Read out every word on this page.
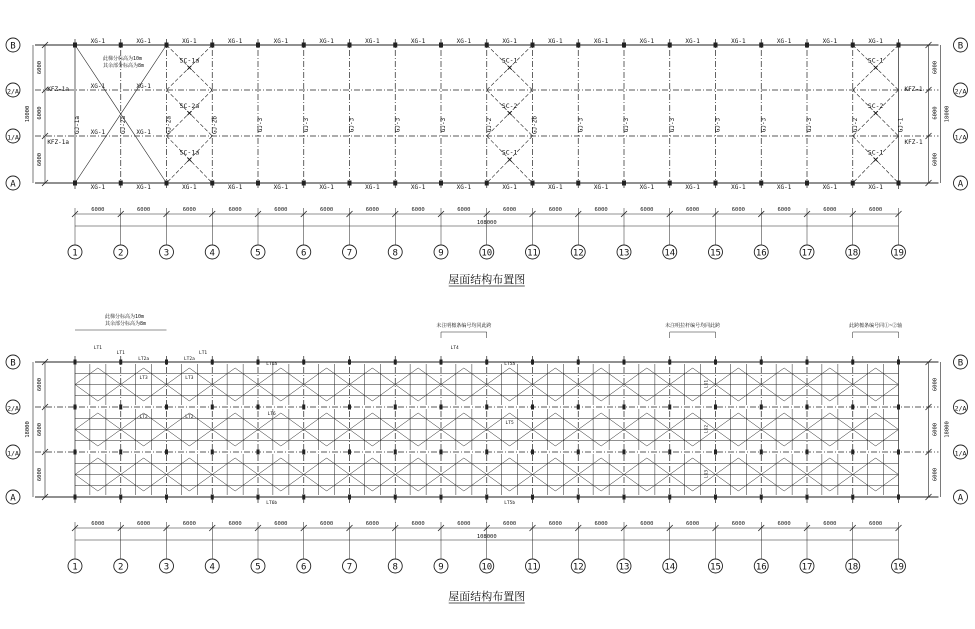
1	2	3	4	5	6	7	8	9	10	11	12	13	14	15	16	17	18	19
B	B
2/A	2/A
1/A	1/A
A	A
6000
6000
6000
18000
6000
6000
6000
18000
6000	6000	6000	6000	6000	6000	6000	6000	6000	6000	6000	6000	6000	6000	6000	6000	6000	6000
108000
屋面结构布置图
XG-1
XG-1
XG-1
XG-1
XG-1
XG-1
XG-1
XG-1
XG-1
XG-1
XG-1
XG-1
XG-1
XG-1
XG-1
XG-1
XG-1
XG-1
XG-1
XG-1
XG-1
XG-1
XG-1
XG-1
XG-1
XG-1
XG-1
XG-1
XG-1
XG-1
XG-1
XG-1
XG-1
XG-1
XG-1
XG-1
XG-1
XG-1
XG-1
XG-1
GJ-1a	GJ-2a	GJ-2a	GJ-2b	GJ-3	GJ-3	GJ-3	GJ-3	GJ-3	GJ-2	GJ-2b	GJ-3	GJ-3	GJ-3	GJ-3	GJ-3	GJ-3	GJ-2	GJ-1
KFZ-1a
KFZ-1a
KFZ-1
KFZ-1
×
SC-1a
×
SC-2a
×
SC-1a
×
SC-1
×
SC-2
×
SC-1
×
SC-1
×
SC-2
×
SC-1
此梯分标高为10m
其余部分标高为8m
1	2	3	4	5	6	7	8	9	10	11	12	13	14	15	16	17	18	19
B	B
2/A	2/A
1/A	1/A
A	A
6000
6000
6000
18000
6000
6000
6000
18000
6000	6000	6000	6000	6000	6000	6000	6000	6000	6000	6000	6000	6000	6000	6000	6000	6000	6000
108000
屋面结构布置图
LT1	LT1
LT1
LT2a	LT2a
LT3	LT3
LT2	LT2
LT4
LT5
LT5b
LT6
LT6a
LT6b
LT5a
LG1
LG2
LG3
此梯分标高为10m
其余部分标高为8m	未注明檩条编号均同此跨	未注明拉杆编号均同此跨	此跨檩条编号同①~②轴
